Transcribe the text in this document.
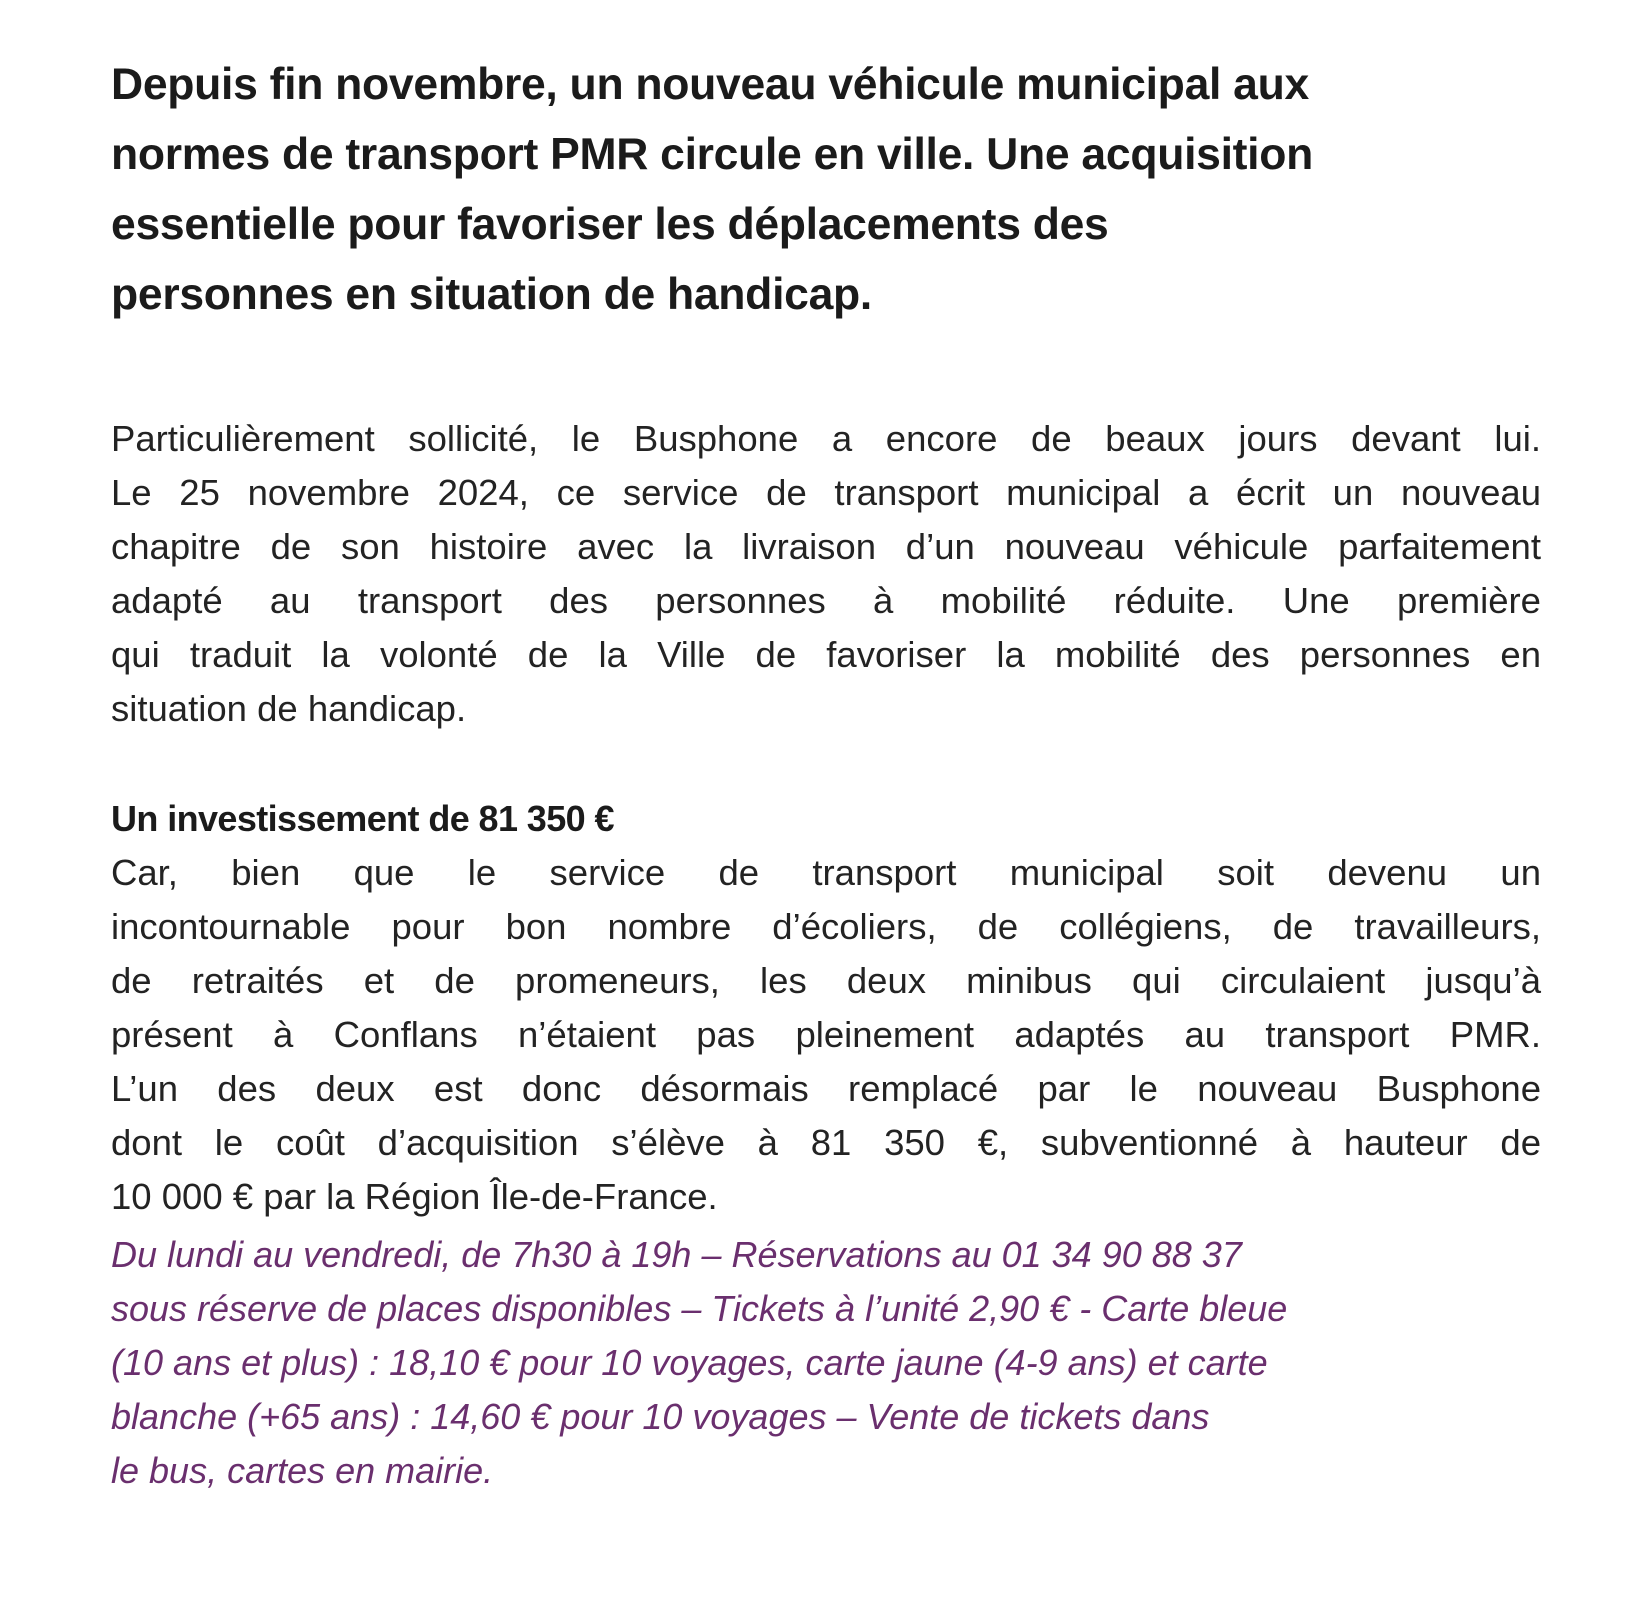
Depuis fin novembre, un nouveau véhicule municipal aux
normes de transport PMR circule en ville. Une acquisition
essentielle pour favoriser les déplacements des
personnes en situation de handicap.

Particulièrement sollicité, le Busphone a encore de beaux jours devant lui.
Le 25 novembre 2024, ce service de transport municipal a écrit un nouveau
chapitre de son histoire avec la livraison d’un nouveau véhicule parfaitement
adapté au transport des personnes à mobilité réduite. Une première
qui traduit la volonté de la Ville de favoriser la mobilité des personnes en
situation de handicap.

Un investissement de 81 350 €

Car, bien que le service de transport municipal soit devenu un
incontournable pour bon nombre d’écoliers, de collégiens, de travailleurs,
de retraités et de promeneurs, les deux minibus qui circulaient jusqu’à
présent à Conflans n’étaient pas pleinement adaptés au transport PMR.
L’un des deux est donc désormais remplacé par le nouveau Busphone
dont le coût d’acquisition s’élève à 81 350 €, subventionné à hauteur de
10 000 € par la Région Île-de-France.

Du lundi au vendredi, de 7h30 à 19h – Réservations au 01 34 90 88 37
sous réserve de places disponibles – Tickets à l’unité 2,90 € - Carte bleue
(10 ans et plus) : 18,10 € pour 10 voyages, carte jaune (4-9 ans) et carte
blanche (+65 ans) : 14,60 € pour 10 voyages – Vente de tickets dans
le bus, cartes en mairie.
